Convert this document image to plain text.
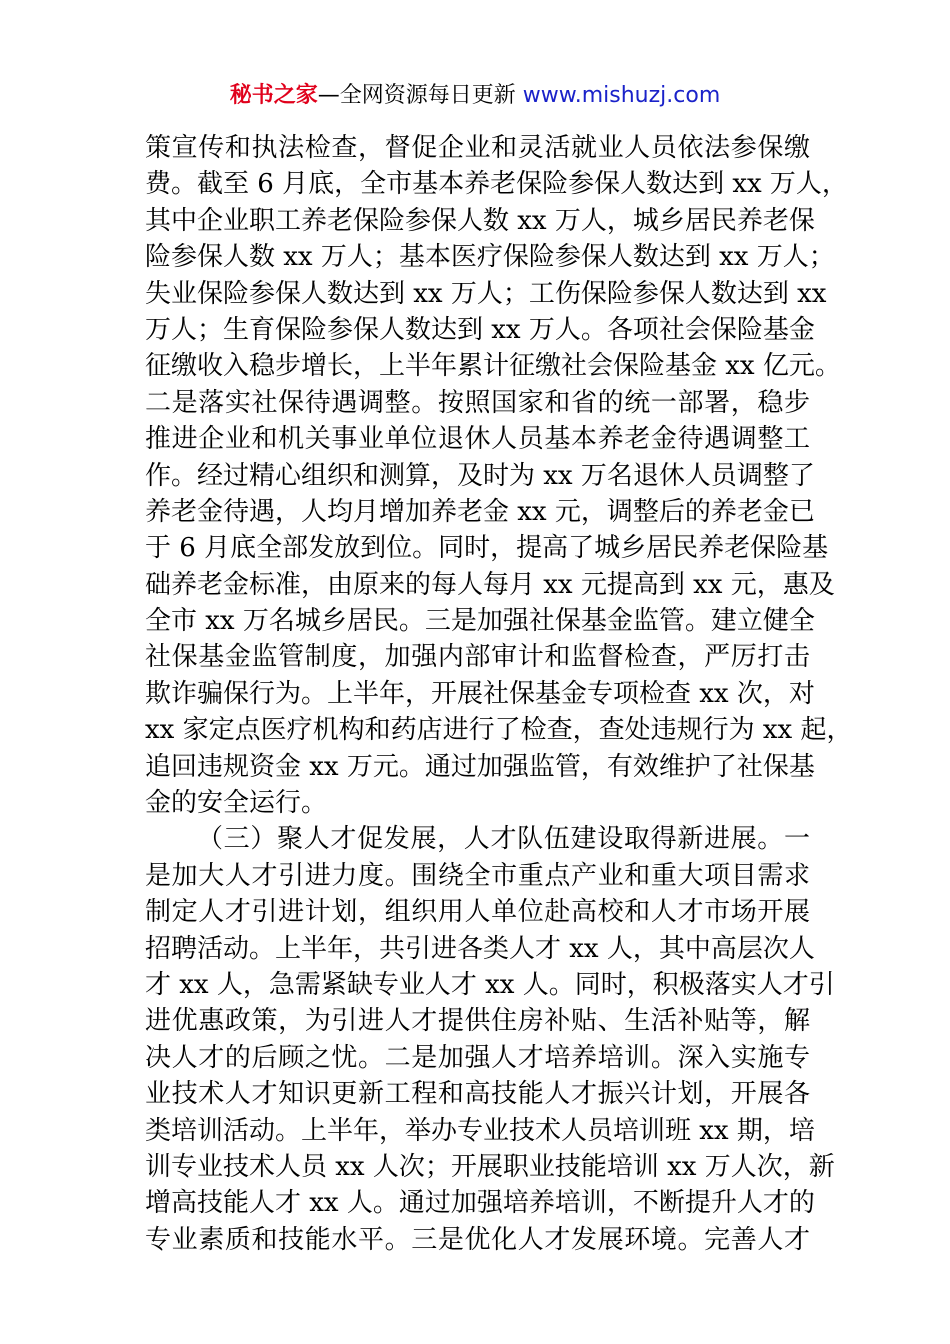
秘书之家—全网资源每日更新 www.mishuzj.com
策宣传和执法检查，督促企业和灵活就业人员依法参保缴
费。截至 6 月底，全市基本养老保险参保人数达到 xx 万人，
其中企业职工养老保险参保人数 xx 万人，城乡居民养老保
险参保人数 xx 万人；基本医疗保险参保人数达到 xx 万人；
失业保险参保人数达到 xx 万人；工伤保险参保人数达到 xx
万人；生育保险参保人数达到 xx 万人。各项社会保险基金
征缴收入稳步增长，上半年累计征缴社会保险基金 xx 亿元。
二是落实社保待遇调整。按照国家和省的统一部署，稳步
推进企业和机关事业单位退休人员基本养老金待遇调整工
作。经过精心组织和测算，及时为 xx 万名退休人员调整了
养老金待遇，人均月增加养老金 xx 元，调整后的养老金已
于 6 月底全部发放到位。同时，提高了城乡居民养老保险基
础养老金标准，由原来的每人每月 xx 元提高到 xx 元，惠及
全市 xx 万名城乡居民。三是加强社保基金监管。建立健全
社保基金监管制度，加强内部审计和监督检查，严厉打击
欺诈骗保行为。上半年，开展社保基金专项检查 xx 次，对
xx 家定点医疗机构和药店进行了检查，查处违规行为 xx 起，
追回违规资金 xx 万元。通过加强监管，有效维护了社保基
金的安全运行。
（三）聚人才促发展，人才队伍建设取得新进展。一
是加大人才引进力度。围绕全市重点产业和重大项目需求
制定人才引进计划，组织用人单位赴高校和人才市场开展
招聘活动。上半年，共引进各类人才 xx 人，其中高层次人
才 xx 人，急需紧缺专业人才 xx 人。同时，积极落实人才引
进优惠政策，为引进人才提供住房补贴、生活补贴等，解
决人才的后顾之忧。二是加强人才培养培训。深入实施专
业技术人才知识更新工程和高技能人才振兴计划，开展各
类培训活动。上半年，举办专业技术人员培训班 xx 期，培
训专业技术人员 xx 人次；开展职业技能培训 xx 万人次，新
增高技能人才 xx 人。通过加强培养培训，不断提升人才的
专业素质和技能水平。三是优化人才发展环境。完善人才
